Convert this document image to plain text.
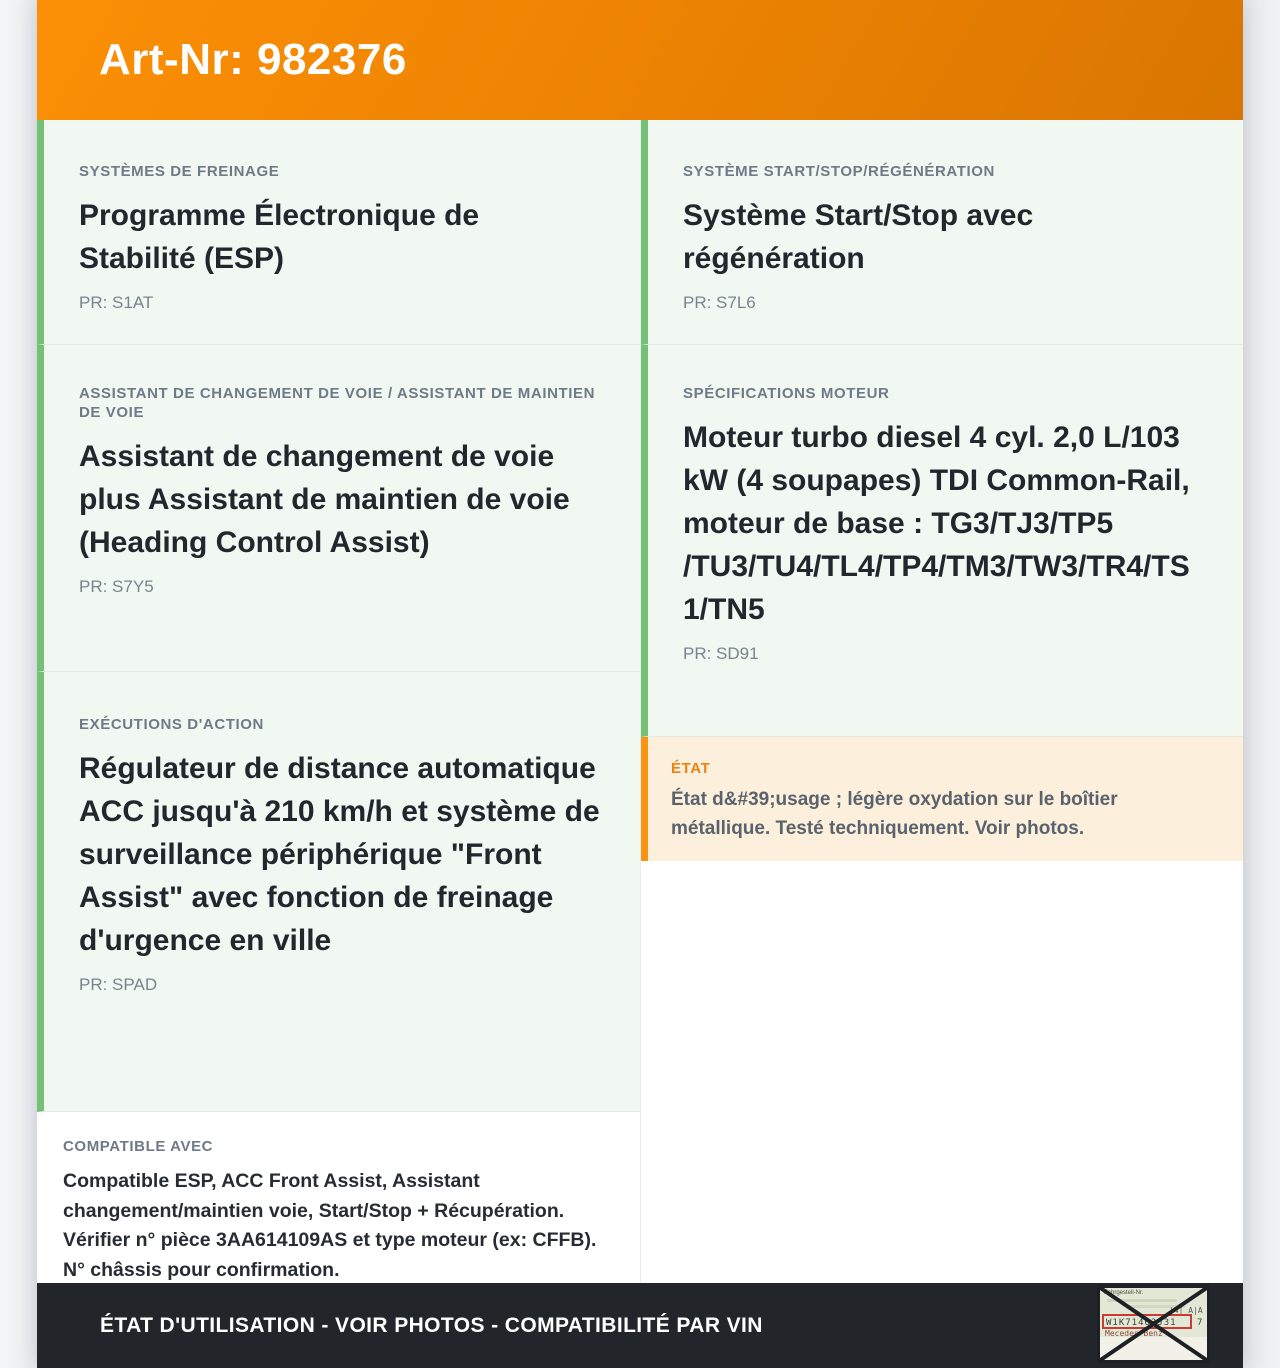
Art-Nr: 982376
SYSTÈMES DE FREINAGE
Programme Électronique de Stabilité (ESP)
PR: S1AT
ASSISTANT DE CHANGEMENT DE VOIE / ASSISTANT DE MAINTIEN DE VOIE
Assistant de changement de voie plus Assistant de maintien de voie (Heading Control Assist)
PR: S7Y5
EXÉCUTIONS D'ACTION
Régulateur de distance automatique ACC jusqu'à 210 km/h et système de surveillance périphérique "Front Assist" avec fonction de freinage d'urgence en ville
PR: SPAD
COMPATIBLE AVEC
Compatible ESP, ACC Front Assist, Assistant changement/maintien voie, Start/Stop + Récupération. Vérifier n° pièce 3AA614109AS et type moteur (ex: CFFB). N° châssis pour confirmation.
SYSTÈME START/STOP/RÉGÉNÉRATION
Système Start/Stop avec régénération
PR: S7L6
SPÉCIFICATIONS MOTEUR
Moteur turbo diesel 4 cyl. 2,0 L/103 kW (4 soupapes) TDI Common-Rail, moteur de base : TG3/TJ3/TP5 /TU3/TU4/TL4/TP4/TM3/TW3/TR4/TS1/TN5
PR: SD91
ÉTAT
État d&#39;usage ; légère oxydation sur le boîtier métallique. Testé techniquement. Voir photos.
ÉTAT D'UTILISATION - VOIR PHOTOS - COMPATIBILITÉ PAR VIN
Fahrgestell-Nr.
|4| A|A
W1K71463J31 7
Mecedes-Benz
